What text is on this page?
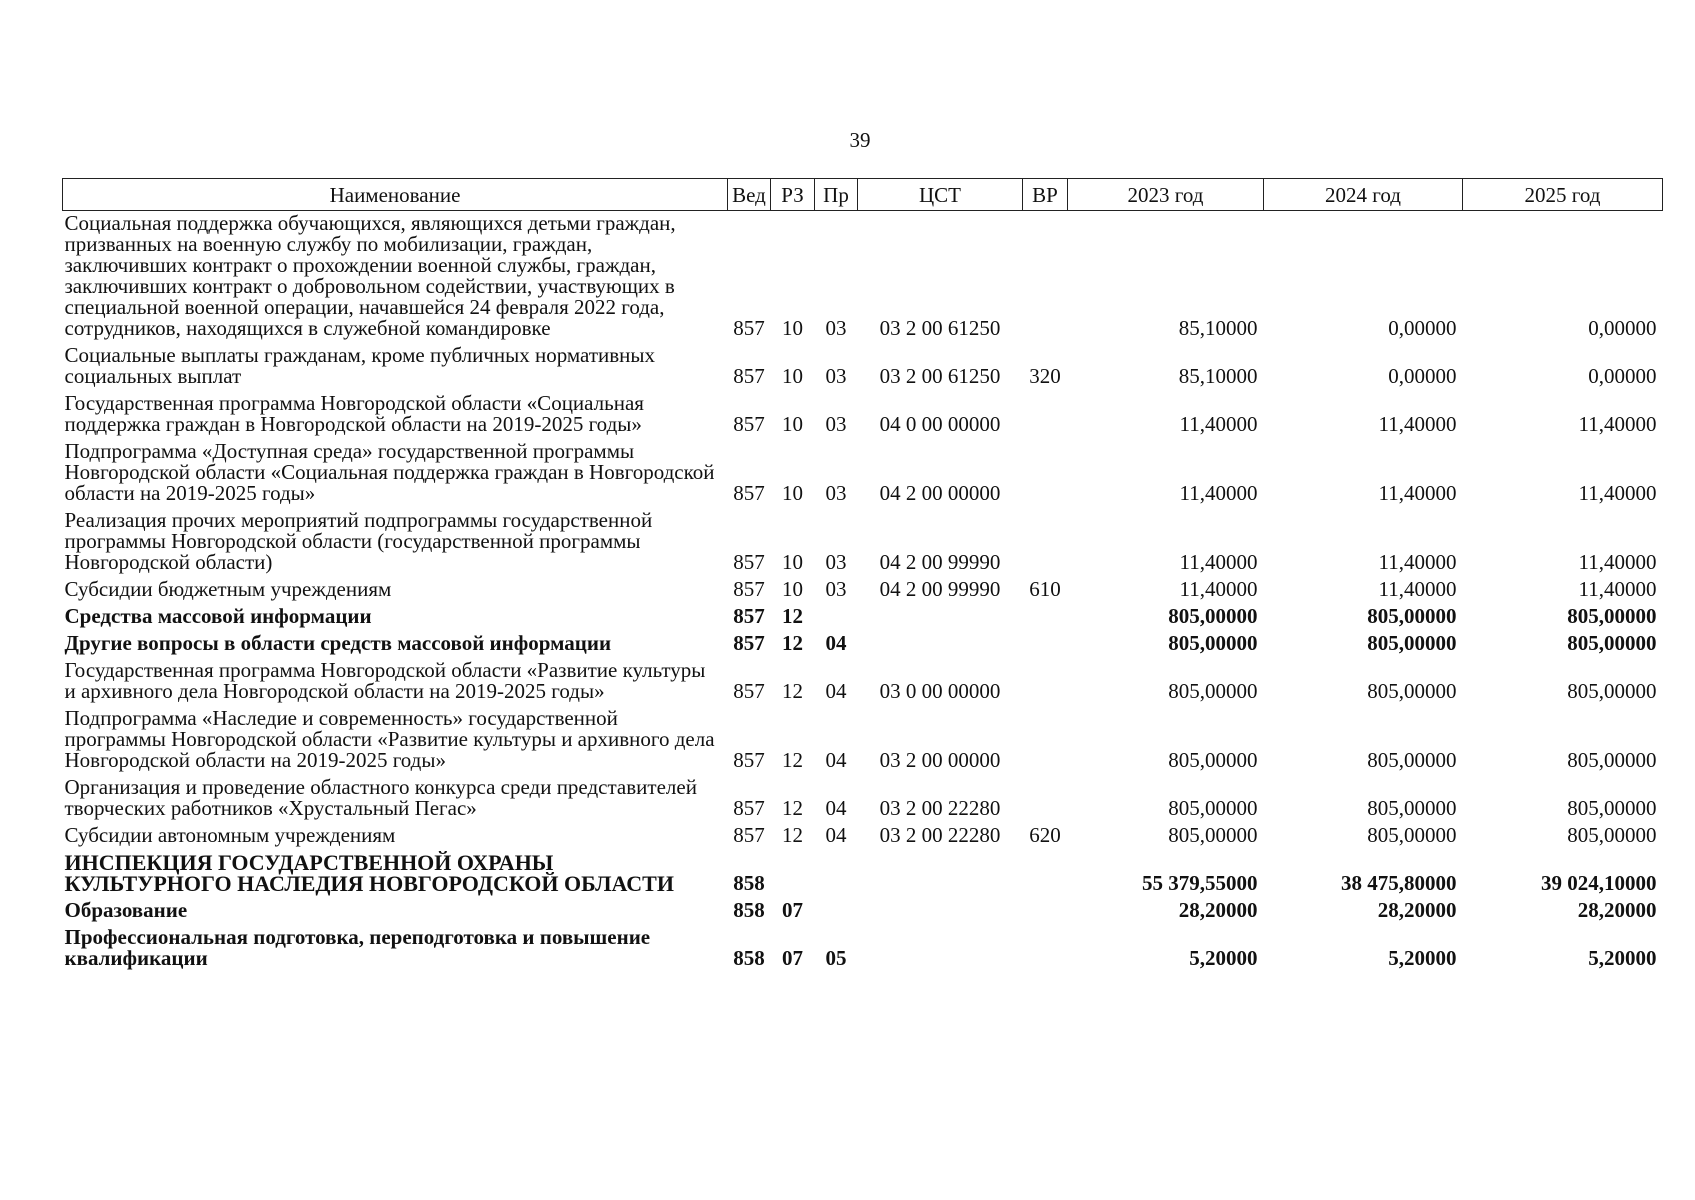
39
Наименование	Вед	РЗ	Пр	ЦСТ	ВР	2023 год	2024 год	2025 год
Социальная поддержка обучающихся, являющихся детьми граждан, призванных на военную службу по мобилизации, граждан, заключивших контракт о прохождении военной службы, граждан, заключивших контракт о добровольном содействии, участвующих в специальной военной операции, начавшейся 24 февраля 2022 года, сотрудников, находящихся в служебной командировке	857	10	03	03 2 00 61250		85,10000	0,00000	0,00000
Социальные выплаты гражданам, кроме публичных нормативных социальных выплат	857	10	03	03 2 00 61250	320	85,10000	0,00000	0,00000
Государственная программа Новгородской области «Социальная поддержка граждан в Новгородской области на 2019-2025 годы»	857	10	03	04 0 00 00000		11,40000	11,40000	11,40000
Подпрограмма «Доступная среда» государственной программы Новгородской области «Социальная поддержка граждан в Новгородской области на 2019-2025 годы»	857	10	03	04 2 00 00000		11,40000	11,40000	11,40000
Реализация прочих мероприятий подпрограммы государственной программы Новгородской области (государственной программы Новгородской области)	857	10	03	04 2 00 99990		11,40000	11,40000	11,40000
Субсидии бюджетным учреждениям	857	10	03	04 2 00 99990	610	11,40000	11,40000	11,40000
Средства массовой информации	857	12				805,00000	805,00000	805,00000
Другие вопросы в области средств массовой информации	857	12	04			805,00000	805,00000	805,00000
Государственная программа Новгородской области «Развитие культуры и архивного дела Новгородской области на 2019-2025 годы»	857	12	04	03 0 00 00000		805,00000	805,00000	805,00000
Подпрограмма «Наследие и современность» государственной программы Новгородской области «Развитие культуры и архивного дела Новгородской области на 2019-2025 годы»	857	12	04	03 2 00 00000		805,00000	805,00000	805,00000
Организация и проведение областного конкурса среди представителей творческих работников «Хрустальный Пегас»	857	12	04	03 2 00 22280		805,00000	805,00000	805,00000
Субсидии автономным учреждениям	857	12	04	03 2 00 22280	620	805,00000	805,00000	805,00000
ИНСПЕКЦИЯ ГОСУДАРСТВЕННОЙ ОХРАНЫ КУЛЬТУРНОГО НАСЛЕДИЯ НОВГОРОДСКОЙ ОБЛАСТИ	858					55 379,55000	38 475,80000	39 024,10000
Образование	858	07				28,20000	28,20000	28,20000
Профессиональная подготовка, переподготовка и повышение квалификации	858	07	05			5,20000	5,20000	5,20000
